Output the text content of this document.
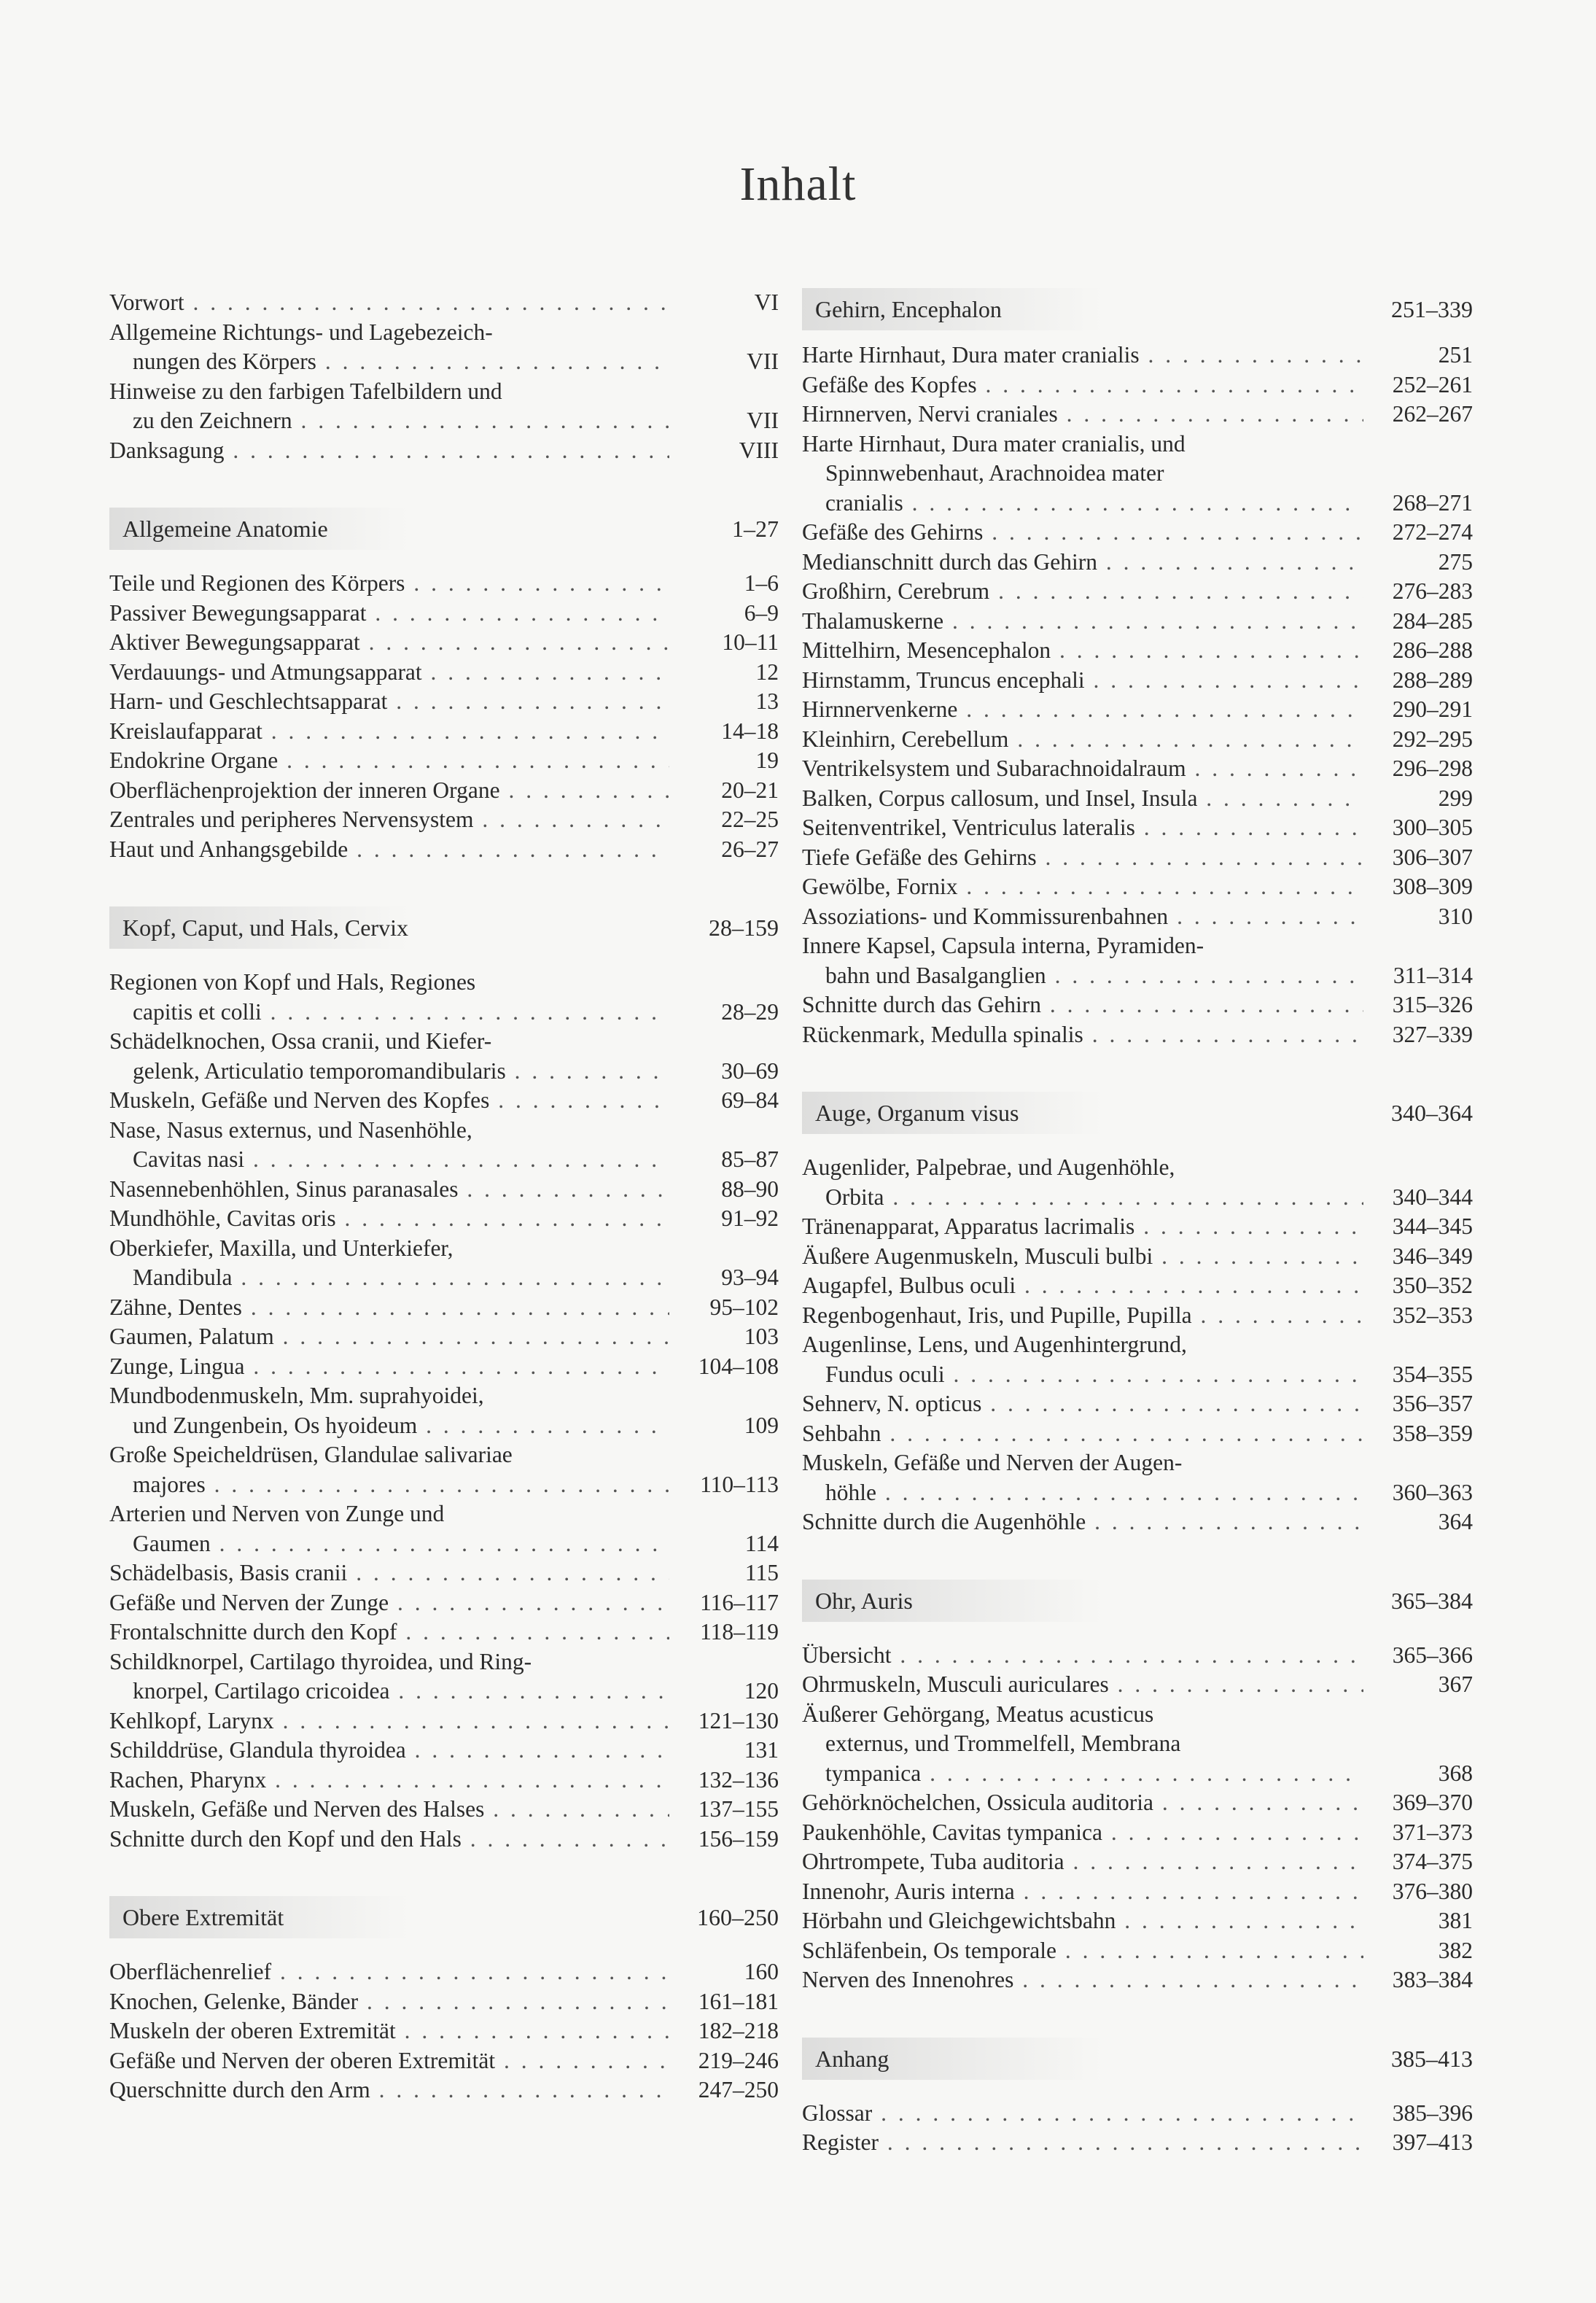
Inhalt
Vorwort . . .	VI
Allgemeine Richtungs- und Lagebezeich-
nungen des Körpers . . .	VII
Hinweise zu den farbigen Tafelbildern und
zu den Zeichnern . . .	VII
Danksagung . . .	VIII
Allgemeine Anatomie	1–27
Teile und Regionen des Körpers . . .	1–6
Passiver Bewegungsapparat . . .	6–9
Aktiver Bewegungsapparat . . .	10–11
Verdauungs- und Atmungsapparat . . .	12
Harn- und Geschlechtsapparat . . .	13
Kreislaufapparat . . .	14–18
Endokrine Organe . . .	19
Oberflächenprojektion der inneren Organe . . .	20–21
Zentrales und peripheres Nervensystem . . .	22–25
Haut und Anhangsgebilde . . .	26–27
Kopf, Caput, und Hals, Cervix	28–159
Regionen von Kopf und Hals, Regiones
capitis et colli . . .	28–29
Schädelknochen, Ossa cranii, und Kiefer-
gelenk, Articulatio temporomandibularis . . .	30–69
Muskeln, Gefäße und Nerven des Kopfes . . .	69–84
Nase, Nasus externus, und Nasenhöhle,
Cavitas nasi . . .	85–87
Nasennebenhöhlen, Sinus paranasales . . .	88–90
Mundhöhle, Cavitas oris . . .	91–92
Oberkiefer, Maxilla, und Unterkiefer,
Mandibula . . .	93–94
Zähne, Dentes . . .	95–102
Gaumen, Palatum . . .	103
Zunge, Lingua . . .	104–108
Mundbodenmuskeln, Mm. suprahyoidei,
und Zungenbein, Os hyoideum . . .	109
Große Speicheldrüsen, Glandulae salivariae
majores . . .	110–113
Arterien und Nerven von Zunge und
Gaumen . . .	114
Schädelbasis, Basis cranii . . .	115
Gefäße und Nerven der Zunge . . .	116–117
Frontalschnitte durch den Kopf . . .	118–119
Schildknorpel, Cartilago thyroidea, und Ring-
knorpel, Cartilago cricoidea . . .	120
Kehlkopf, Larynx . . .	121–130
Schilddrüse, Glandula thyroidea . . .	131
Rachen, Pharynx . . .	132–136
Muskeln, Gefäße und Nerven des Halses . . .	137–155
Schnitte durch den Kopf und den Hals . . .	156–159
Obere Extremität	160–250
Oberflächenrelief . . .	160
Knochen, Gelenke, Bänder . . .	161–181
Muskeln der oberen Extremität . . .	182–218
Gefäße und Nerven der oberen Extremität . . .	219–246
Querschnitte durch den Arm . . .	247–250
Gehirn, Encephalon	251–339
Harte Hirnhaut, Dura mater cranialis . . .	251
Gefäße des Kopfes . . .	252–261
Hirnnerven, Nervi craniales . . .	262–267
Harte Hirnhaut, Dura mater cranialis, und
Spinnwebenhaut, Arachnoidea mater
cranialis . . .	268–271
Gefäße des Gehirns . . .	272–274
Medianschnitt durch das Gehirn . . .	275
Großhirn, Cerebrum . . .	276–283
Thalamuskerne . . .	284–285
Mittelhirn, Mesencephalon . . .	286–288
Hirnstamm, Truncus encephali . . .	288–289
Hirnnervenkerne . . .	290–291
Kleinhirn, Cerebellum . . .	292–295
Ventrikelsystem und Subarachnoidalraum . . .	296–298
Balken, Corpus callosum, und Insel, Insula . . .	299
Seitenventrikel, Ventriculus lateralis . . .	300–305
Tiefe Gefäße des Gehirns . . .	306–307
Gewölbe, Fornix . . .	308–309
Assoziations- und Kommissurenbahnen . . .	310
Innere Kapsel, Capsula interna, Pyramiden-
bahn und Basalganglien . . .	311–314
Schnitte durch das Gehirn . . .	315–326
Rückenmark, Medulla spinalis . . .	327–339
Auge, Organum visus	340–364
Augenlider, Palpebrae, und Augenhöhle,
Orbita . . .	340–344
Tränenapparat, Apparatus lacrimalis . . .	344–345
Äußere Augenmuskeln, Musculi bulbi . . .	346–349
Augapfel, Bulbus oculi . . .	350–352
Regenbogenhaut, Iris, und Pupille, Pupilla . . .	352–353
Augenlinse, Lens, und Augenhintergrund,
Fundus oculi . . .	354–355
Sehnerv, N. opticus . . .	356–357
Sehbahn . . .	358–359
Muskeln, Gefäße und Nerven der Augen-
höhle . . .	360–363
Schnitte durch die Augenhöhle . . .	364
Ohr, Auris	365–384
Übersicht . . .	365–366
Ohrmuskeln, Musculi auriculares . . .	367
Äußerer Gehörgang, Meatus acusticus
externus, und Trommelfell, Membrana
tympanica . . .	368
Gehörknöchelchen, Ossicula auditoria . . .	369–370
Paukenhöhle, Cavitas tympanica . . .	371–373
Ohrtrompete, Tuba auditoria . . .	374–375
Innenohr, Auris interna . . .	376–380
Hörbahn und Gleichgewichtsbahn . . .	381
Schläfenbein, Os temporale . . .	382
Nerven des Innenohres . . .	383–384
Anhang	385–413
Glossar . . .	385–396
Register . . .	397–413
